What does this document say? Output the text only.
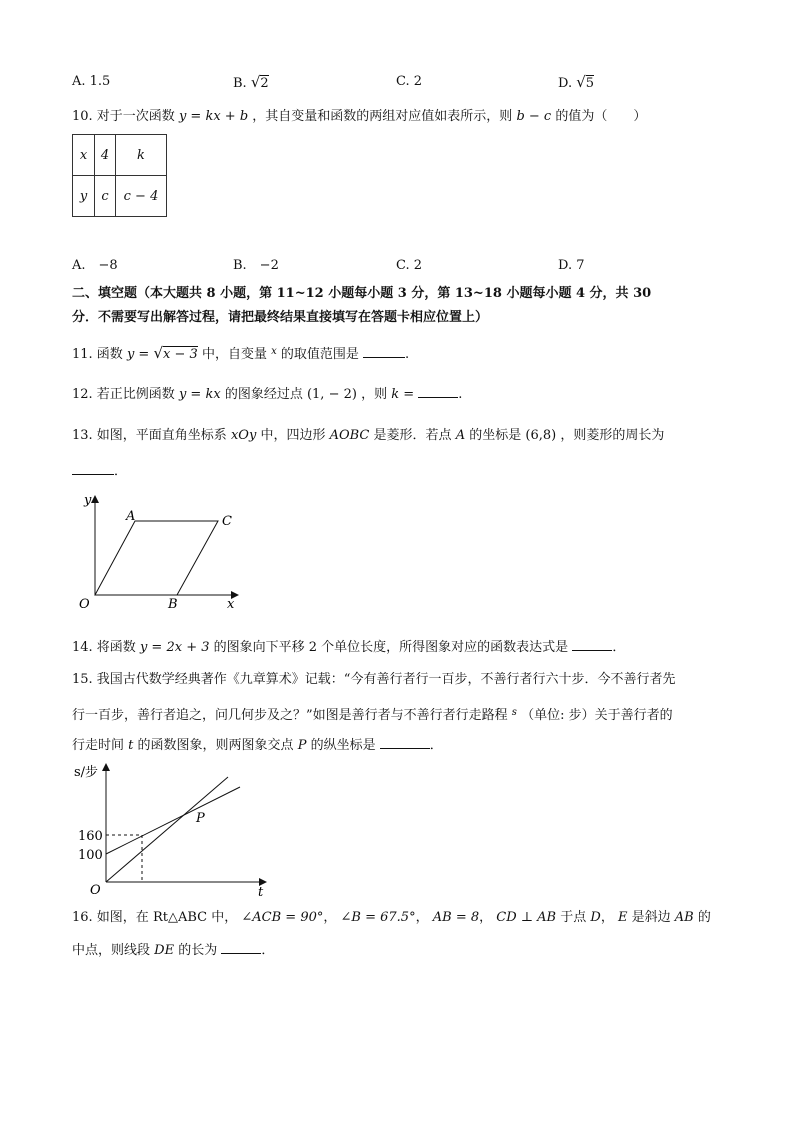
A. 1.5	B. √2	C. 2	D. √5
10. 对于一次函数 y = kx + b ，其自变量和函数的两组对应值如表所示，则 b − c 的值为（　　）
x	4	k
y	c	c − 4
A.　−8	B.　−2	C. 2	D. 7
二、填空题（本大题共 8 小题，第 11~12 小题每小题 3 分，第 13~18 小题每小题 4 分，共 30
分．不需要写出解答过程，请把最终结果直接填写在答题卡相应位置上）
11. 函数 y = √x − 3 中，自变量 $^x$ 的取值范围是	.
12. 若正比例函数 y = kx 的图象经过点 (1, − 2) ，则 k =	.
13. 如图，平面直角坐标系 xOy 中，四边形 AOBC 是菱形．若点 A 的坐标是 (6,8) ，则菱形的周长为
．
y
x
O
A	C
B
14. 将函数 y = 2x + 3 的图象向下平移 2 个单位长度，所得图象对应的函数表达式是	．
15. 我国古代数学经典著作《九章算术》记载：“今有善行者行一百步，不善行者行六十步．今不善行者先
行一百步，善行者追之，问几何步及之？”如图是善行者与不善行者行走路程 $^s$ （单位: 步）关于善行者的
行走时间 t 的函数图象，则两图象交点 P 的纵坐标是	．
s/步
160
100
O	t
P
16. 如图，在 Rt△ABC 中， ∠ACB = 90°， ∠B = 67.5°， AB = 8， CD ⊥ AB 于点 D， E 是斜边 AB 的
中点，则线段 DE 的长为	．
